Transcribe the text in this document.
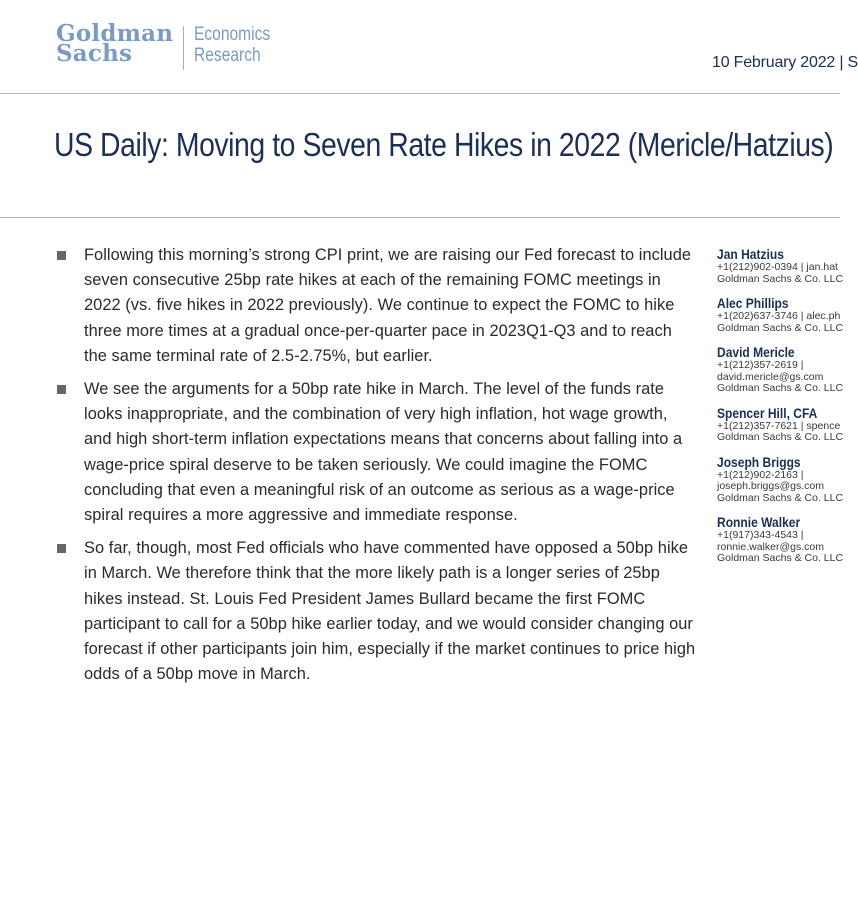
Goldman
Sachs
Economics
Research	10 February 2022 | S
US Daily: Moving to Seven Rate Hikes in 2022 (Mericle/Hatzius)
Following this morning’s strong CPI print, we are raising our Fed forecast to include seven consecutive 25bp rate hikes at each of the remaining FOMC meetings in 2022 (vs. five hikes in 2022 previously). We continue to expect the FOMC to hike three more times at a gradual once-per-quarter pace in 2023Q1-Q3 and to reach the same terminal rate of 2.5-2.75%, but earlier.
We see the arguments for a 50bp rate hike in March. The level of the funds rate looks inappropriate, and the combination of very high inflation, hot wage growth, and high short-term inflation expectations means that concerns about falling into a wage-price spiral deserve to be taken seriously. We could imagine the FOMC concluding that even a meaningful risk of an outcome as serious as a wage-price spiral requires a more aggressive and immediate response.
So far, though, most Fed officials who have commented have opposed a 50bp hike in March. We therefore think that the more likely path is a longer series of 25bp hikes instead. St. Louis Fed President James Bullard became the first FOMC participant to call for a 50bp hike earlier today, and we would consider changing our forecast if other participants join him, especially if the market continues to price high odds of a 50bp move in March.
Jan Hatzius
+1(212)902-0394 | jan.hat
Goldman Sachs & Co. LLC
Alec Phillips
+1(202)637-3746 | alec.ph
Goldman Sachs & Co. LLC
David Mericle
+1(212)357-2619 |
david.mericle@gs.com
Goldman Sachs & Co. LLC
Spencer Hill, CFA
+1(212)357-7621 | spence
Goldman Sachs & Co. LLC
Joseph Briggs
+1(212)902-2163 |
joseph.briggs@gs.com
Goldman Sachs & Co. LLC
Ronnie Walker
+1(917)343-4543 |
ronnie.walker@gs.com
Goldman Sachs & Co. LLC
